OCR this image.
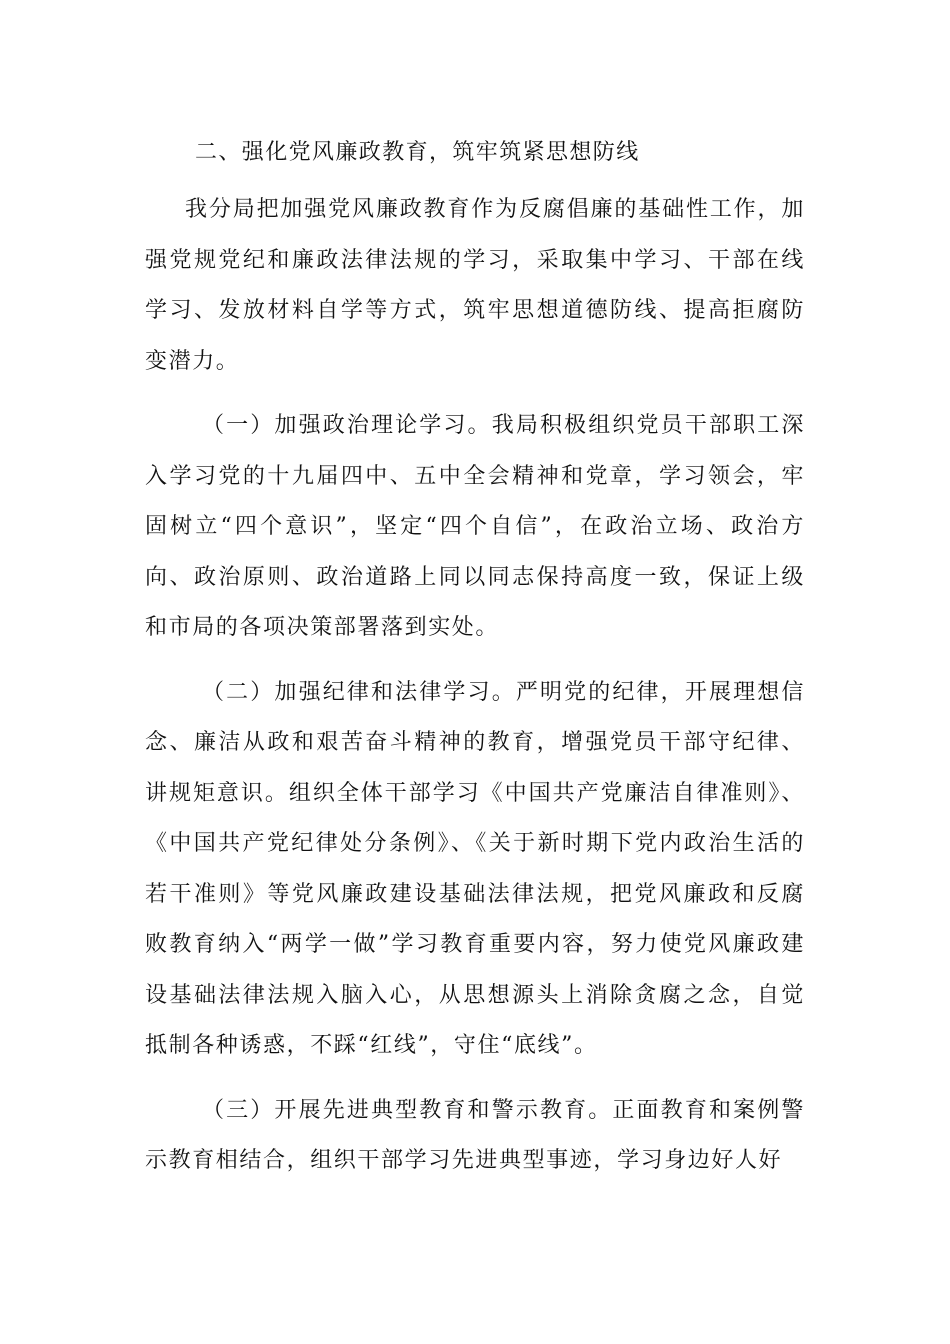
二、强化党风廉政教育，筑牢筑紧思想防线

我分局把加强党风廉政教育作为反腐倡廉的基础性工作，加强党规党纪和廉政法律法规的学习，采取集中学习、干部在线学习、发放材料自学等方式，筑牢思想道德防线、提高拒腐防变潜力。

（一）加强政治理论学习。我局积极组织党员干部职工深入学习党的十九届四中、五中全会精神和党章，学习领会，牢固树立“四个意识”，坚定“四个自信”，在政治立场、政治方向、政治原则、政治道路上同以同志保持高度一致，保证上级和市局的各项决策部署落到实处。

（二）加强纪律和法律学习。严明党的纪律，开展理想信念、廉洁从政和艰苦奋斗精神的教育，增强党员干部守纪律、讲规矩意识。组织全体干部学习《中国共产党廉洁自律准则》、《中国共产党纪律处分条例》、《关于新时期下党内政治生活的若干准则》等党风廉政建设基础法律法规，把党风廉政和反腐败教育纳入“两学一做”学习教育重要内容，努力使党风廉政建设基础法律法规入脑入心，从思想源头上消除贪腐之念，自觉抵制各种诱惑，不踩“红线”，守住“底线”。

（三）开展先进典型教育和警示教育。正面教育和案例警示教育相结合，组织干部学习先进典型事迹，学习身边好人好
